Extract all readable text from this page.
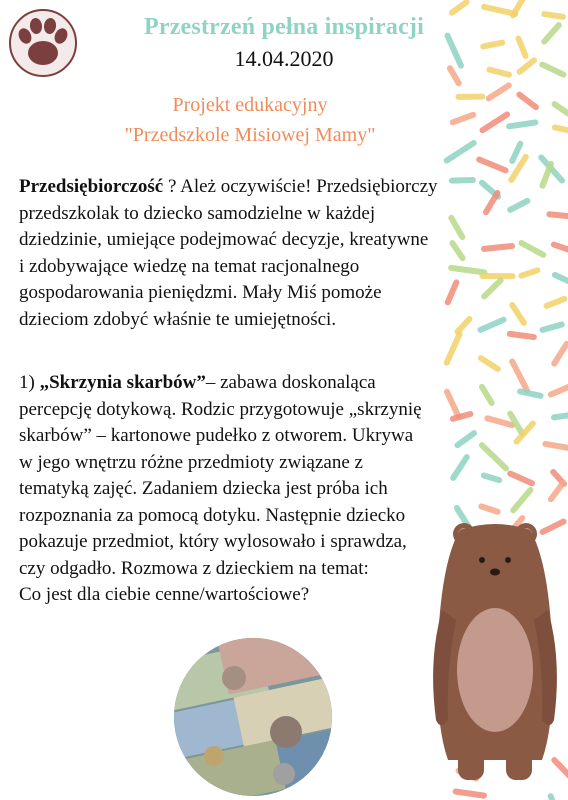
Przestrzeń pełna inspiracji
14.04.2020
Projekt edukacyjny
"Przedszkole Misiowej Mamy"
Przedsiębiorczość ? Ależ oczywiście! Przedsiębiorczy
przedszkolak to dziecko samodzielne w każdej
dziedzinie, umiejące podejmować decyzje, kreatywne
i zdobywające wiedzę na temat racjonalnego
gospodarowania pieniędzmi. Mały Miś pomoże
dzieciom zdobyć właśnie te umiejętności.
1) „Skrzynia skarbów”– zabawa doskonaląca
percepcję dotykową. Rodzic przygotowuje „skrzynię
skarbów” – kartonowe pudełko z otworem. Ukrywa
w jego wnętrzu różne przedmioty związane z
tematyką zajęć. Zadaniem dziecka jest próba ich
rozpoznania za pomocą dotyku. Następnie dziecko
pokazuje przedmiot, który wylosowało i sprawdza,
czy odgadło. Rozmowa z dzieckiem na temat:
Co jest dla ciebie cenne/wartościowe?
